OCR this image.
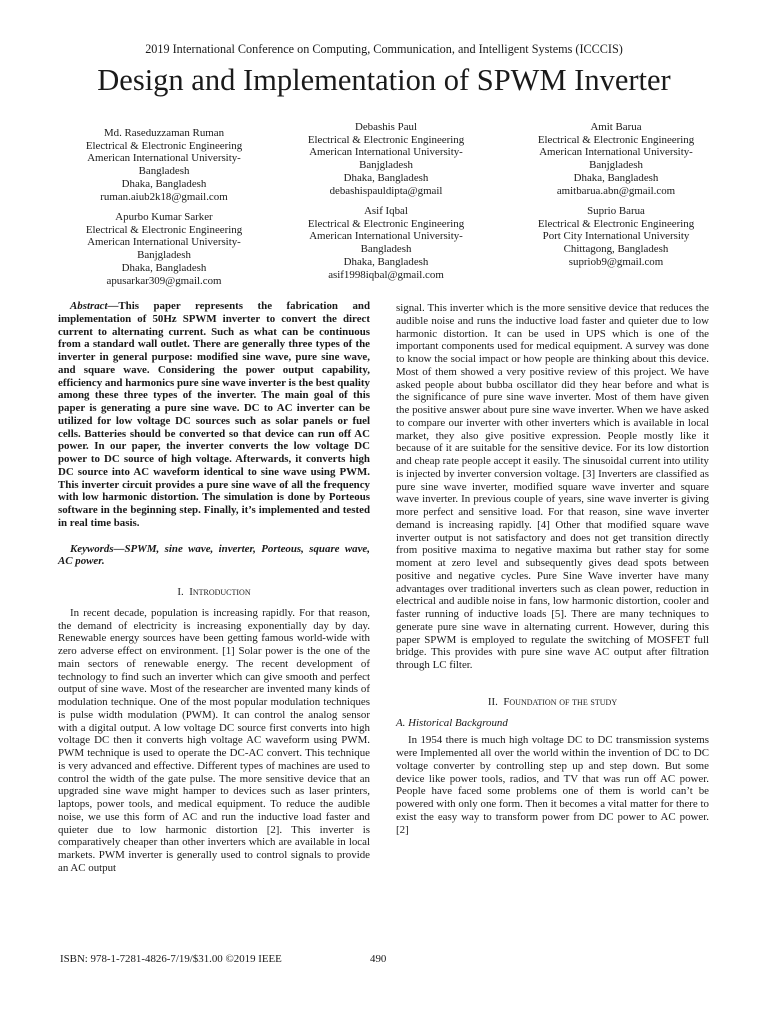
2019 International Conference on Computing, Communication, and Intelligent Systems (ICCCIS)
Design and Implementation of SPWM Inverter
Md. Raseduzzaman Ruman
Electrical & Electronic Engineering
American International University-
Bangladesh
Dhaka, Bangladesh
ruman.aiub2k18@gmail.com
Debashis Paul
Electrical & Electronic Engineering
American International University-
Banjgladesh
Dhaka, Bangladesh
debashispauldipta@gmail
Amit Barua
Electrical & Electronic Engineering
American International University-
Banjgladesh
Dhaka, Bangladesh
amitbarua.abn@gmail.com
Apurbo Kumar Sarker
Electrical & Electronic Engineering
American International University-
Banjgladesh
Dhaka, Bangladesh
apusarkar309@gmail.com
Asif Iqbal
Electrical & Electronic Engineering
American International University-
Bangladesh
Dhaka, Bangladesh
asif1998iqbal@gmail.com
Suprio Barua
Electrical & Electronic Engineering
Port City International University
Chittagong, Bangladesh
supriob9@gmail.com

Abstract—This paper represents the fabrication and implementation of 50Hz SPWM inverter to convert the direct current to alternating current. Such as what can be continuous from a standard wall outlet. There are generally three types of the inverter in general purpose: modified sine wave, pure sine wave, and square wave. Considering the power output capability, efficiency and harmonics pure sine wave inverter is the best quality among these three types of the inverter. The main goal of this paper is generating a pure sine wave. DC to AC inverter can be utilized for low voltage DC sources such as solar panels or fuel cells. Batteries should be converted so that device can run off AC power. In our paper, the inverter converts the low voltage DC power to DC source of high voltage. Afterwards, it converts high DC source into AC waveform identical to sine wave using PWM. This inverter circuit provides a pure sine wave of all the frequency with low harmonic distortion. The simulation is done by Porteous software in the beginning step. Finally, it’s implemented and tested in real time basis.

Keywords—SPWM, sine wave, inverter, Porteous, square wave, AC power.

I. Introduction

In recent decade, population is increasing rapidly. For that reason, the demand of electricity is increasing exponentially day by day. Renewable energy sources have been getting famous world-wide with zero adverse effect on environment. [1] Solar power is the one of the main sectors of renewable energy. The recent development of technology to find such an inverter which can give smooth and perfect output of sine wave. Most of the researcher are invented many kinds of modulation technique. One of the most popular modulation techniques is pulse width modulation (PWM). It can control the analog sensor with a digital output. A low voltage DC source first converts into high voltage DC then it converts high voltage AC waveform using PWM. PWM technique is used to operate the DC-AC convert. This technique is very advanced and effective. Different types of machines are used to control the width of the gate pulse. The more sensitive device that an upgraded sine wave might hamper to devices such as laser printers, laptops, power tools, and medical equipment. To reduce the audible noise, we use this form of AC and run the inductive load faster and quieter due to low harmonic distortion [2]. This inverter is comparatively cheaper than other inverters which are available in local markets. PWM inverter is generally used to control signals to provide an AC output

signal. This inverter which is the more sensitive device that reduces the audible noise and runs the inductive load faster and quieter due to low harmonic distortion. It can be used in UPS which is one of the important components used for medical equipment. A survey was done to know the social impact or how people are thinking about this device. Most of them showed a very positive review of this project. We have asked people about bubba oscillator did they hear before and what is the significance of pure sine wave inverter. Most of them have given the positive answer about pure sine wave inverter. When we have asked to compare our inverter with other inverters which is available in local market, they also give positive expression. People mostly like it because of it are suitable for the sensitive device. For its low distortion and cheap rate people accept it easily. The sinusoidal current into utility is injected by inverter conversion voltage. [3] Inverters are classified as pure sine wave inverter, modified square wave inverter and square wave inverter. In previous couple of years, sine wave inverter is giving more perfect and sensitive load. For that reason, sine wave inverter demand is increasing rapidly. [4] Other that modified square wave inverter output is not satisfactory and does not get transition directly from positive maxima to negative maxima but rather stay for some moment at zero level and subsequently gives dead spots between positive and negative cycles. Pure Sine Wave inverter have many advantages over traditional inverters such as clean power, reduction in electrical and audible noise in fans, low harmonic distortion, cooler and faster running of inductive loads [5]. There are many techniques to generate pure sine wave in alternating current. However, during this paper SPWM is employed to regulate the switching of MOSFET full bridge. This provides with pure sine wave AC output after filtration through LC filter.

II. Foundation of the study

A. Historical Background

In 1954 there is much high voltage DC to DC transmission systems were Implemented all over the world within the invention of DC to DC voltage converter by controlling step up and step down. But some device like power tools, radios, and TV that was run off AC power. People have faced some problems one of them is world can’t be powered with only one form. Then it becomes a vital matter for there to exist the easy way to transform power from DC power to AC power. [2]

ISBN: 978-1-7281-4826-7/19/$31.00 ©2019 IEEE	490
